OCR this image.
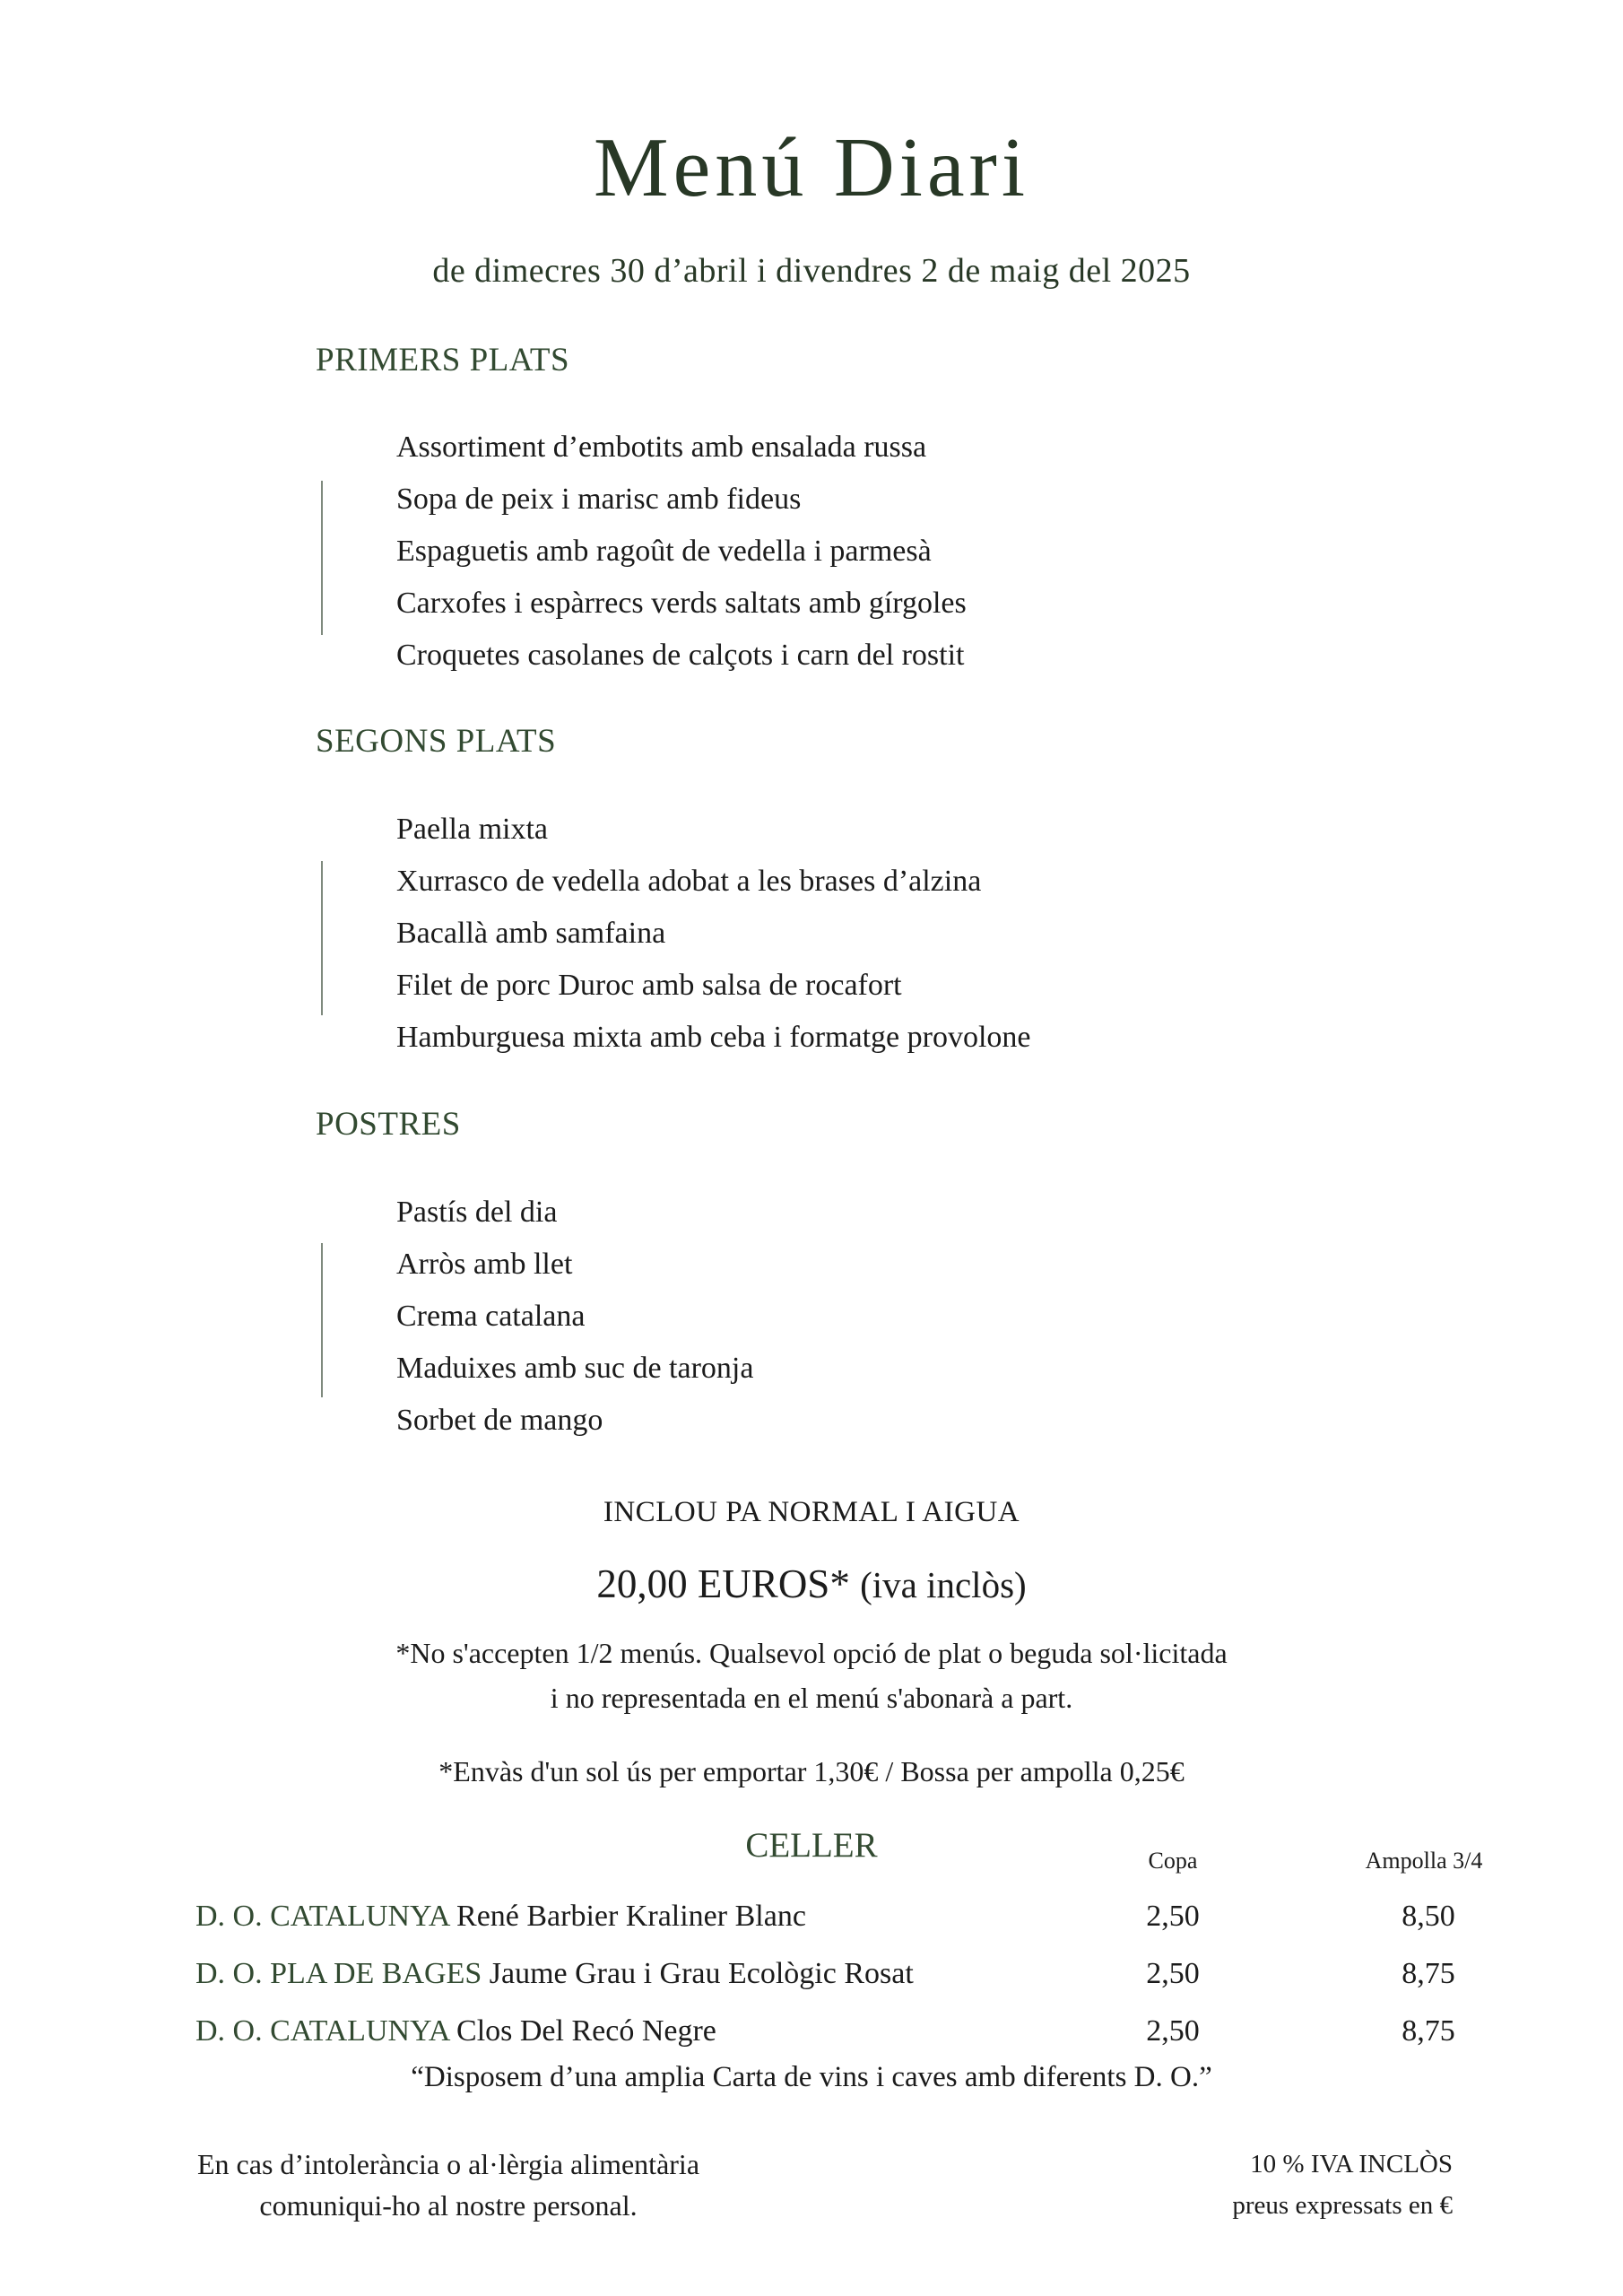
Menú Diari
de dimecres 30 d’abril i divendres 2 de maig del 2025
PRIMERS PLATS
Assortiment d’embotits amb ensalada russa
Sopa de peix i marisc amb fideus
Espaguetis amb ragoût de vedella i parmesà
Carxofes i espàrrecs verds saltats amb gírgoles
Croquetes casolanes de calçots i carn del rostit
SEGONS PLATS
Paella mixta
Xurrasco de vedella adobat a les brases d’alzina
Bacallà amb samfaina
Filet de porc Duroc amb salsa de rocafort
Hamburguesa mixta amb ceba i formatge provolone
POSTRES
Pastís del dia
Arròs amb llet
Crema catalana
Maduixes amb suc de taronja
Sorbet de mango
INCLOU PA NORMAL I AIGUA
20,00 EUROS* (iva inclòs)
*No s'accepten 1/2 menús. Qualsevol opció de plat o beguda sol·licitada
i no representada en el menú s'abonarà a part.
*Envàs d'un sol ús per emportar 1,30€ / Bossa per ampolla 0,25€
CELLER	Copa	Ampolla 3/4
D. O. CATALUNYA René Barbier Kraliner Blanc	2,50	8,50
D. O. PLA DE BAGES Jaume Grau i Grau Ecològic Rosat	2,50	8,75
D. O. CATALUNYA Clos Del Recó Negre	2,50	8,75
“Disposem d’una amplia Carta de vins i caves amb diferents D. O.”
En cas d’intolerància o al·lèrgia alimentària
comuniqui-ho al nostre personal.
10 % IVA INCLÒS
preus expressats en €
